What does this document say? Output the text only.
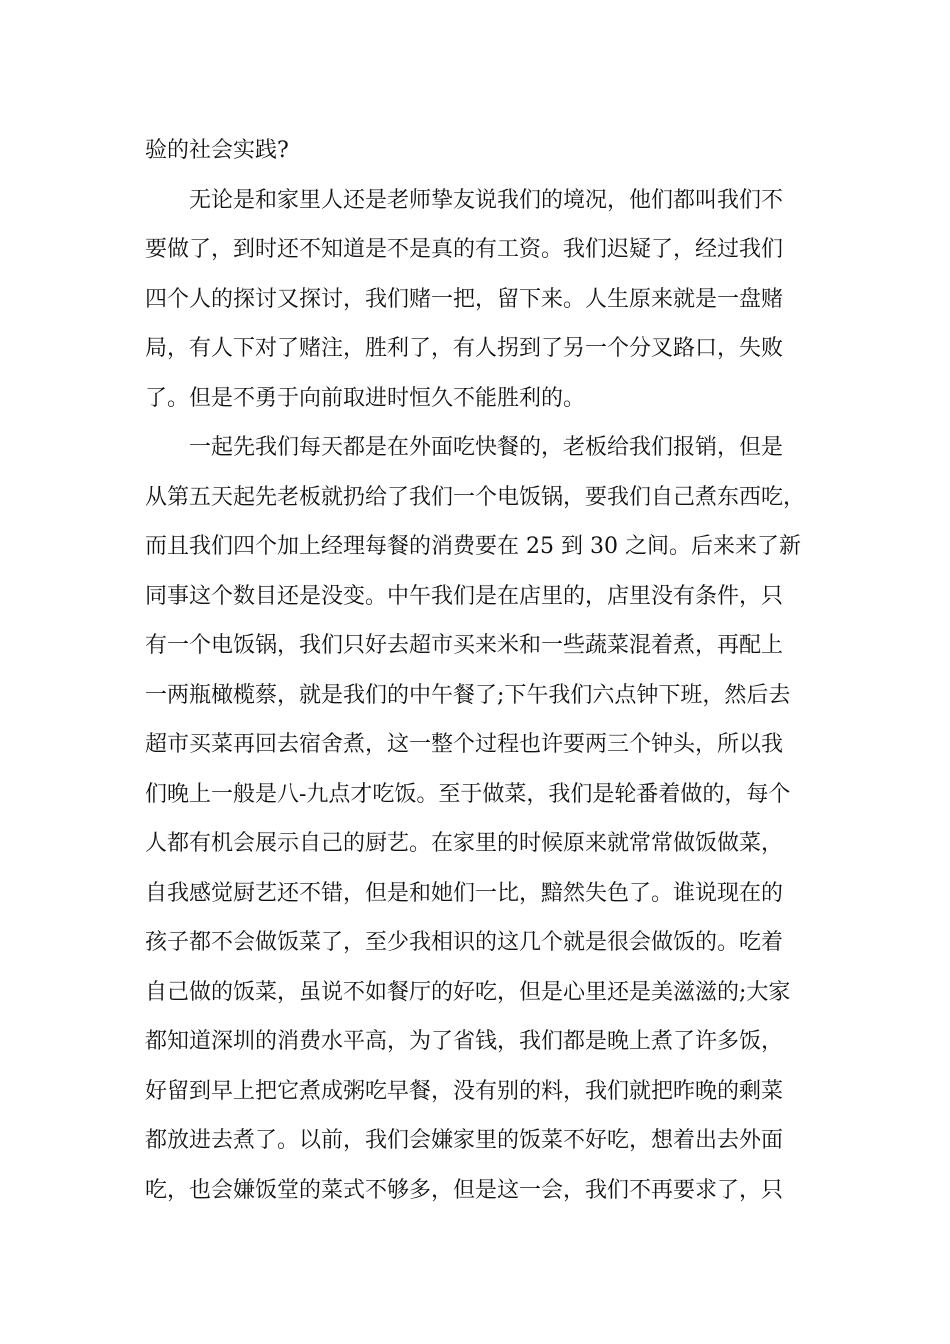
验的社会实践?
无论是和家里人还是老师挚友说我们的境况，他们都叫我们不
要做了，到时还不知道是不是真的有工资。我们迟疑了，经过我们
四个人的探讨又探讨，我们赌一把，留下来。人生原来就是一盘赌
局，有人下对了赌注，胜利了，有人拐到了另一个分叉路口，失败
了。但是不勇于向前取进时恒久不能胜利的。
一起先我们每天都是在外面吃快餐的，老板给我们报销，但是
从第五天起先老板就扔给了我们一个电饭锅，要我们自己煮东西吃，
而且我们四个加上经理每餐的消费要在 25 到 30 之间。后来来了新
同事这个数目还是没变。中午我们是在店里的，店里没有条件，只
有一个电饭锅，我们只好去超市买来米和一些蔬菜混着煮，再配上
一两瓶橄榄蔡，就是我们的中午餐了;下午我们六点钟下班，然后去
超市买菜再回去宿舍煮，这一整个过程也许要两三个钟头，所以我
们晚上一般是八-九点才吃饭。至于做菜，我们是轮番着做的，每个
人都有机会展示自己的厨艺。在家里的时候原来就常常做饭做菜，
自我感觉厨艺还不错，但是和她们一比，黯然失色了。谁说现在的
孩子都不会做饭菜了，至少我相识的这几个就是很会做饭的。吃着
自己做的饭菜，虽说不如餐厅的好吃，但是心里还是美滋滋的;大家
都知道深圳的消费水平高，为了省钱，我们都是晚上煮了许多饭，
好留到早上把它煮成粥吃早餐，没有别的料，我们就把昨晚的剩菜
都放进去煮了。以前，我们会嫌家里的饭菜不好吃，想着出去外面
吃，也会嫌饭堂的菜式不够多，但是这一会，我们不再要求了，只
